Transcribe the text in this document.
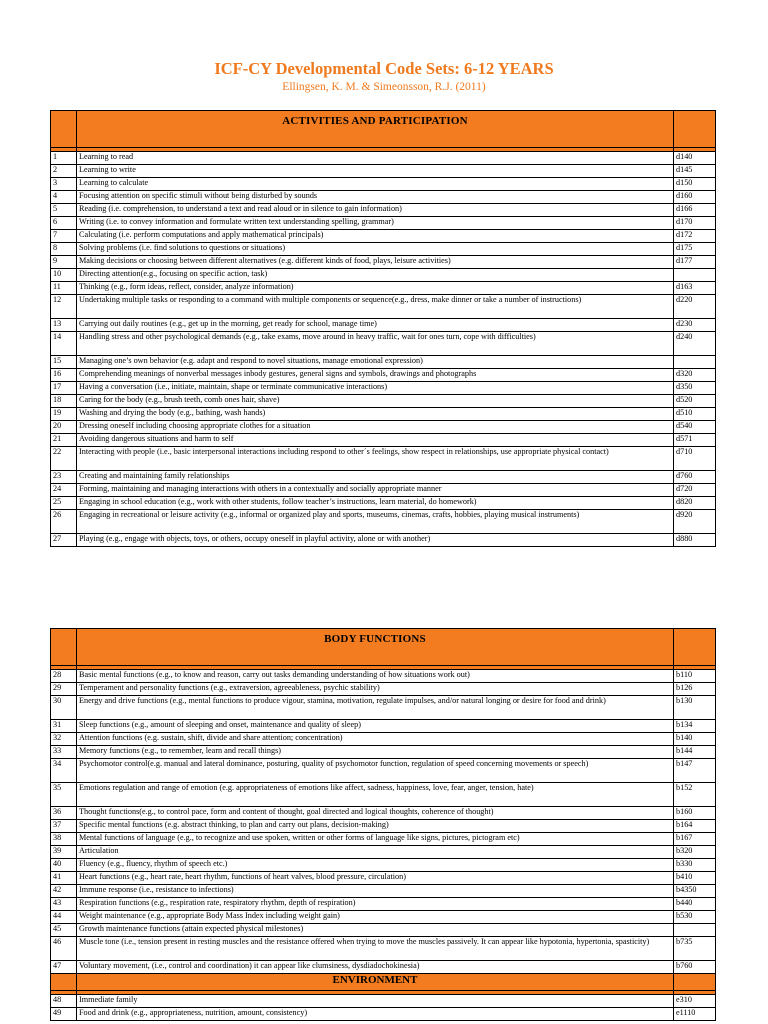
ICF-CY Developmental Code Sets: 6-12 YEARS
Ellingsen, K. M. & Simeonsson, R.J. (2011)
	ACTIVITIES AND PARTICIPATION	

1	Learning to read	d140
2	Learning to write	d145
3	Learning to calculate	d150
4	Focusing attention on specific stimuli without being disturbed by sounds	d160
5	Reading (i.e. comprehension, to understand a text and read aloud or in silence to gain information)	d166
6	Writing (i.e. to convey information and formulate written text understanding spelling, grammar)	d170
7	Calculating (i.e. perform computations and apply mathematical principals)	d172
8	Solving problems (i.e. find solutions to questions or situations)	d175
9	Making decisions or choosing between different alternatives (e.g. different kinds of food, plays, leisure activities)	d177
10	Directing attention(e.g., focusing on specific action, task)	
11	Thinking (e.g., form ideas, reflect, consider, analyze information)	d163
12	Undertaking multiple tasks or responding to a command with multiple components or sequence(e.g., dress, make dinner or take a number of instructions)	d220
13	Carrying out daily routines (e.g., get up in the morning, get ready for school, manage time)	d230
14	Handling stress and other psychological demands (e.g., take exams, move around in heavy traffic, wait for ones turn, cope with difficulties)	d240
15	Managing one’s own behavior (e.g. adapt and respond to novel situations, manage emotional expression)	
16	Comprehending meanings of nonverbal messages inbody gestures, general signs and symbols, drawings and photographs	d320
17	Having a conversation (i.e., initiate, maintain, shape or terminate communicative interactions)	d350
18	Caring for the body (e.g., brush teeth, comb ones hair, shave)	d520
19	Washing and drying the body (e.g., bathing, wash hands)	d510
20	Dressing oneself including choosing appropriate clothes for a situation	d540
21	Avoiding dangerous situations and harm to self	d571
22	Interacting with people (i.e., basic interpersonal interactions including respond to other´s feelings, show respect in relationships, use appropriate physical contact)	d710
23	Creating and maintaining family relationships	d760
24	Forming, maintaining and managing interactions with others in a contextually and socially appropriate manner	d720
25	Engaging in school education (e.g., work with other students, follow teacher’s instructions, learn material, do homework)	d820
26	Engaging in recreational or leisure activity (e.g., informal or organized play and sports, museums, cinemas, crafts, hobbies, playing musical instruments)	d920
27	Playing (e.g., engage with objects, toys, or others, occupy oneself in playful activity, alone or with another)	d880
	BODY FUNCTIONS	

28	Basic mental functions (e.g., to know and reason, carry out tasks demanding understanding of how situations work out)	b110
29	Temperament and personality functions (e.g., extraversion, agreeableness, psychic stability)	b126
30	Energy and drive functions (e.g., mental functions to produce vigour, stamina, motivation, regulate impulses, and/or natural longing or desire for food and drink)	b130
31	Sleep functions (e.g., amount of sleeping and onset, maintenance and quality of sleep)	b134
32	Attention functions (e.g. sustain, shift, divide and share attention; concentration)	b140
33	Memory functions (e.g., to remember, learn and recall things)	b144
34	Psychomotor control(e.g. manual and lateral dominance, posturing, quality of psychomotor function, regulation of speed concerning movements or speech)	b147
35	Emotions regulation and range of emotion (e.g. appropriateness of emotions like affect, sadness, happiness, love, fear, anger, tension, hate)	b152
36	Thought functions(e.g., to control pace, form and content of thought, goal directed and logical thoughts, coherence of thought)	b160
37	Specific mental functions (e.g. abstract thinking, to plan and carry out plans, decision-making)	b164
38	Mental functions of language (e.g., to recognize and use spoken, written or other forms of language like signs, pictures, pictogram etc)	b167
39	Articulation	b320
40	Fluency (e.g., fluency, rhythm of speech etc.)	b330
41	Heart functions (e.g., heart rate, heart rhythm, functions of heart valves, blood pressure, circulation)	b410
42	Immune response (i.e., resistance to infections)	b4350
43	Respiration functions (e.g., respiration rate, respiratory rhythm, depth of respiration)	b440
44	Weight maintenance (e.g., appropriate Body Mass Index including weight gain)	b530
45	Growth maintenance functions (attain expected physical milestones)	
46	Muscle tone (i.e., tension present in resting muscles and the resistance offered when trying to move the muscles passively. It can appear like hypotonia, hypertonia, spasticity)	b735
47	Voluntary movement, (i.e., control and coordination) it can appear like clumsiness, dysdiadochokinesia)	b760
	ENVIRONMENT	

48	Immediate family	e310
49	Food and drink (e.g., appropriateness, nutrition, amount, consistency)	e1110
